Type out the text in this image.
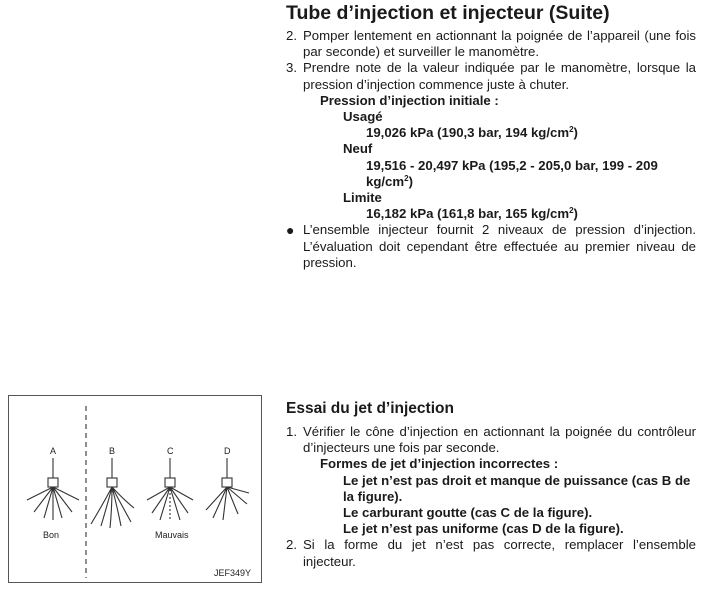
Tube d’injection et injecteur (Suite)
2. Pomper lentement en actionnant la poignée de l’appareil (une fois par seconde) et surveiller le manomètre.
3. Prendre note de la valeur indiquée par le manomètre, lorsque la pression d’injection commence juste à chuter.
Pression d’injection initiale :
Usagé
19,026 kPa (190,3 bar, 194 $kg/cm^2$)
Neuf
19,516 - 20,497 kPa (195,2 - 205,0 bar, 199 - 209
$kg/cm^2$)
Limite
16,182 kPa (161,8 bar, 165 $kg/cm^2$)
● L’ensemble injecteur fournit 2 niveaux de pression d’injection. L’évaluation doit cependant être effectuée au premier niveau de pression.
A	B	C	D
Bon	Mauvais
JEF349Y
Essai du jet d’injection
1. Vérifier le cône d’injection en actionnant la poignée du contrôleur d’injecteurs une fois par seconde.
Formes de jet d’injection incorrectes :
Le jet n’est pas droit et manque de puissance (cas B de la figure).
Le carburant goutte (cas C de la figure).
Le jet n’est pas uniforme (cas D de la figure).
2. Si la forme du jet n’est pas correcte, remplacer l’ensemble injecteur.
